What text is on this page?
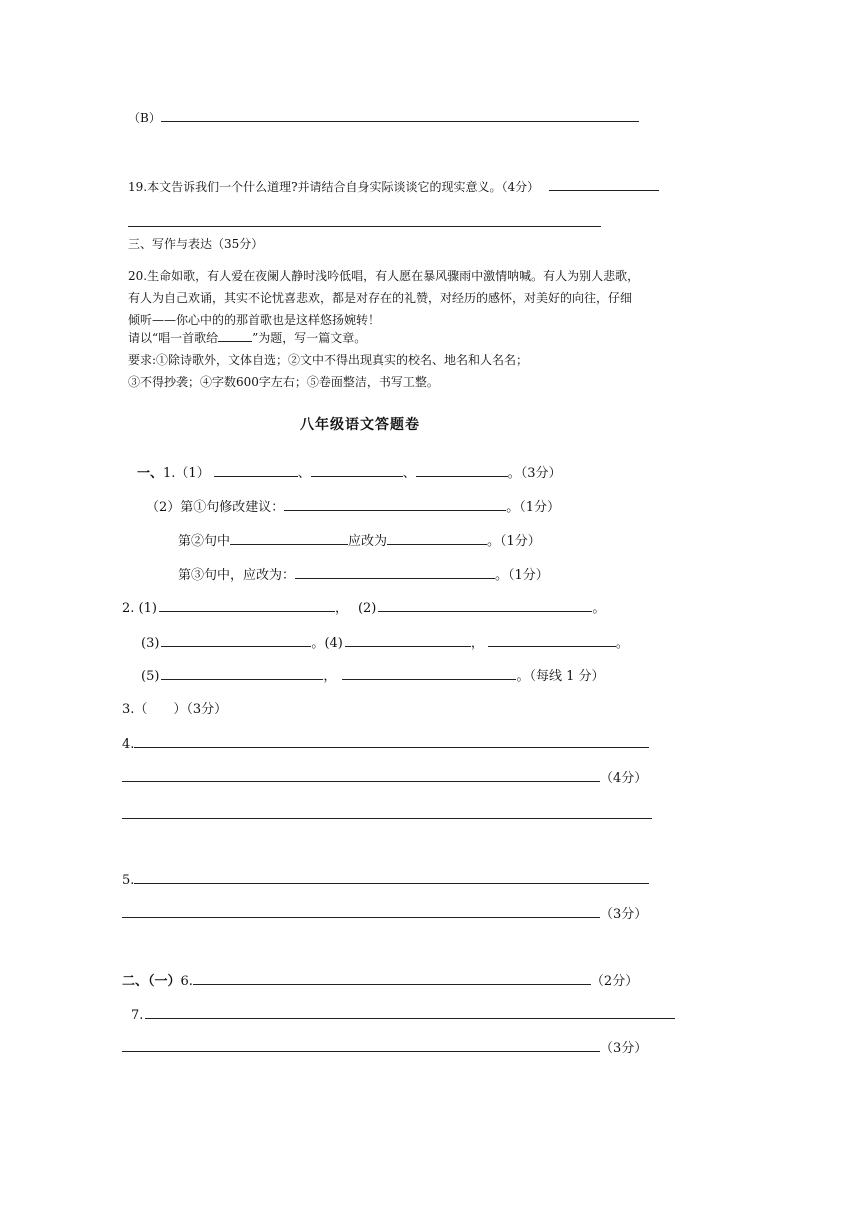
（B）
19.本文告诉我们一个什么道理?并请结合自身实际谈谈它的现实意义。（4分）
三、写作与表达（35分）
20.生命如歌，有人爱在夜阑人静时浅吟低唱，有人愿在暴风骤雨中激情呐喊。有人为别人悲歌，
有人为自己欢诵，其实不论忧喜悲欢，都是对存在的礼赞，对经历的感怀，对美好的向往，仔细
倾听——你心中的的那首歌也是这样悠扬婉转！
请以“唱一首歌给	”为题，写一篇文章。
要求:①除诗歌外，文体自选；②文中不得出现真实的校名、地名和人名名；
③不得抄袭；④字数600字左右；⑤卷面整洁，书写工整。
八年级语文答题卷
一、1.（1）	、	、	。（3分）
（2）第①句修改建议：	。（1分）
第②句中	应改为	。（1分）
第③句中，应改为：	。（1分）
2. (1)	， (2)	。
(3)	。(4)	，	。
(5)	，	。（每线 1 分）
3.（　　）（3分）
4.
（4分）
5.
（3分）
二、（一）6.	（2分）
7.
（3分）
